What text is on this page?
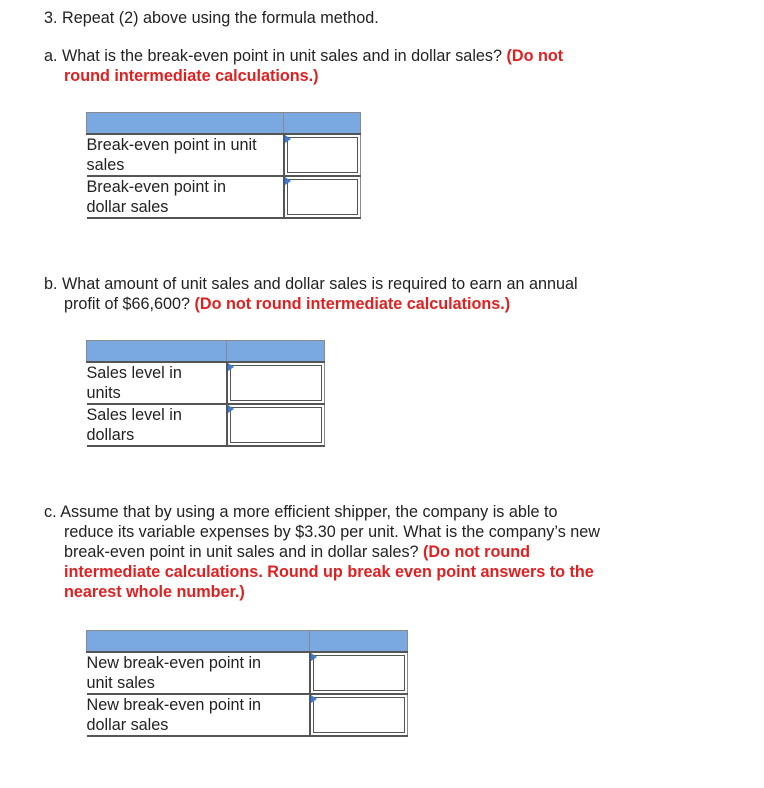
3. Repeat (2) above using the formula method.
a. What is the break-even point in unit sales and in dollar sales? (Do not
round intermediate calculations.)

Break-even point in unit
sales	

Break-even point in
dollar sales	

b. What amount of unit sales and dollar sales is required to earn an annual
profit of $66,600? (Do not round intermediate calculations.)

Sales level in
units	

Sales level in
dollars	

c. Assume that by using a more efficient shipper, the company is able to
reduce its variable expenses by $3.30 per unit. What is the company’s new
break-even point in unit sales and in dollar sales? (Do not round
intermediate calculations. Round up break even point answers to the
nearest whole number.)

New break-even point in
unit sales	

New break-even point in
dollar sales	
